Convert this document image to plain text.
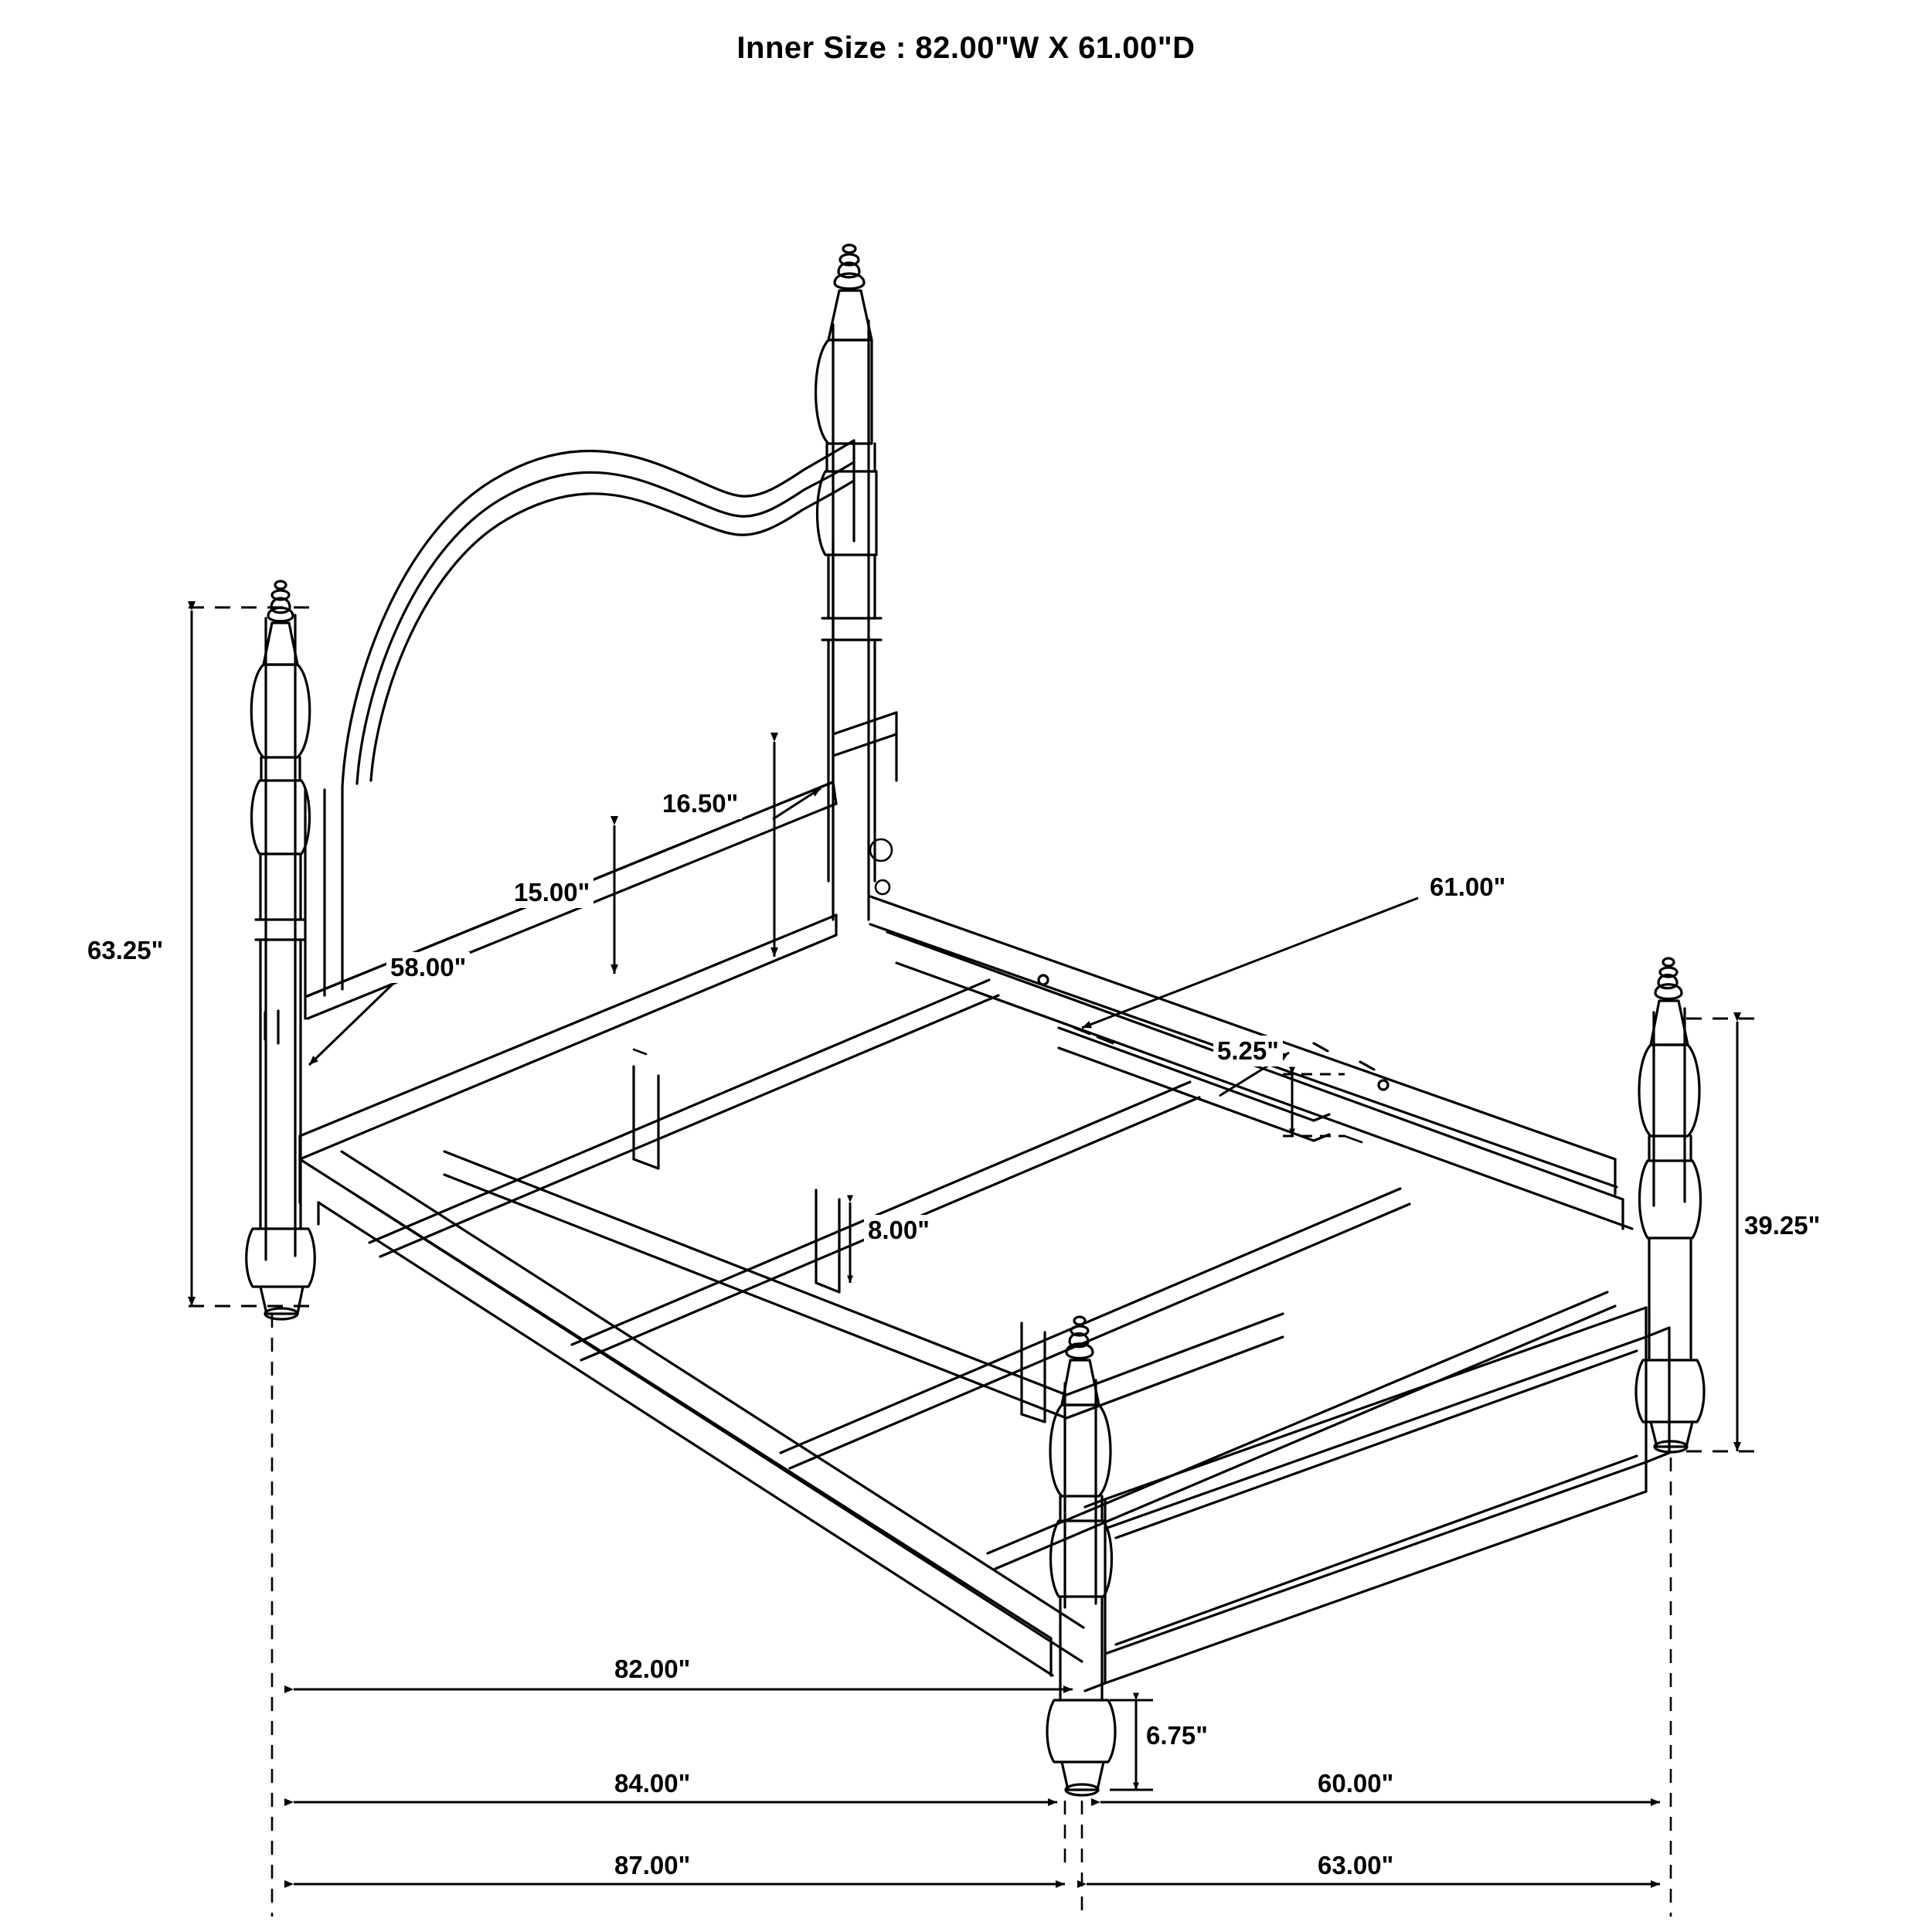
Inner Size : 82.00"W X 61.00"D
63.25"
58.00"
16.50"
15.00"	61.00"
5.25"
8.00"	39.25"
6.75"
82.00"
84.00"	60.00"
87.00"	63.00"
